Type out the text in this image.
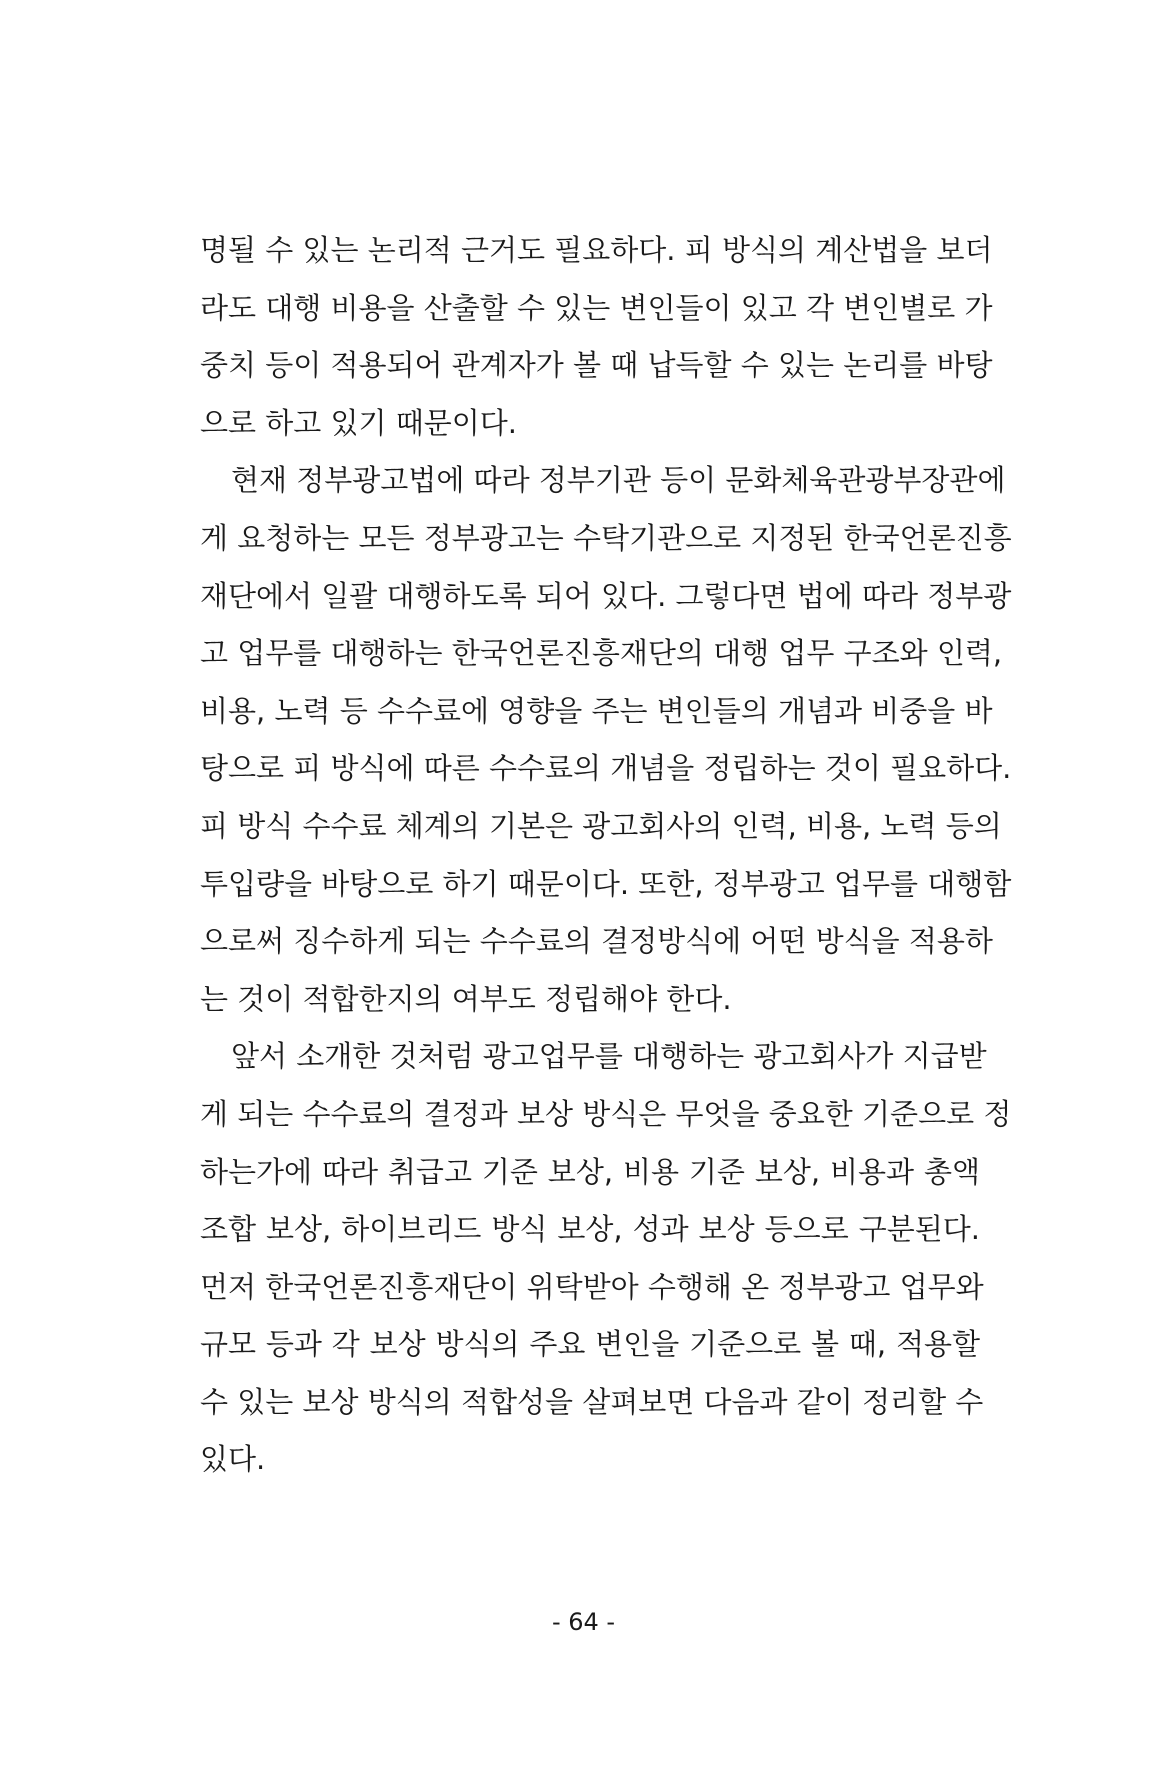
명될 수 있는 논리적 근거도 필요하다. 피 방식의 계산법을 보더
라도 대행 비용을 산출할 수 있는 변인들이 있고 각 변인별로 가
중치 등이 적용되어 관계자가 볼 때 납득할 수 있는 논리를 바탕
으로 하고 있기 때문이다.
현재 정부광고법에 따라 정부기관 등이 문화체육관광부장관에
게 요청하는 모든 정부광고는 수탁기관으로 지정된 한국언론진흥
재단에서 일괄 대행하도록 되어 있다. 그렇다면 법에 따라 정부광
고 업무를 대행하는 한국언론진흥재단의 대행 업무 구조와 인력,
비용, 노력 등 수수료에 영향을 주는 변인들의 개념과 비중을 바
탕으로 피 방식에 따른 수수료의 개념을 정립하는 것이 필요하다.
피 방식 수수료 체계의 기본은 광고회사의 인력, 비용, 노력 등의
투입량을 바탕으로 하기 때문이다. 또한, 정부광고 업무를 대행함
으로써 징수하게 되는 수수료의 결정방식에 어떤 방식을 적용하
는 것이 적합한지의 여부도 정립해야 한다.
앞서 소개한 것처럼 광고업무를 대행하는 광고회사가 지급받
게 되는 수수료의 결정과 보상 방식은 무엇을 중요한 기준으로 정
하는가에 따라 취급고 기준 보상, 비용 기준 보상, 비용과 총액
조합 보상, 하이브리드 방식 보상, 성과 보상 등으로 구분된다.
먼저 한국언론진흥재단이 위탁받아 수행해 온 정부광고 업무와
규모 등과 각 보상 방식의 주요 변인을 기준으로 볼 때, 적용할
수 있는 보상 방식의 적합성을 살펴보면 다음과 같이 정리할 수
있다.
- 64 -
